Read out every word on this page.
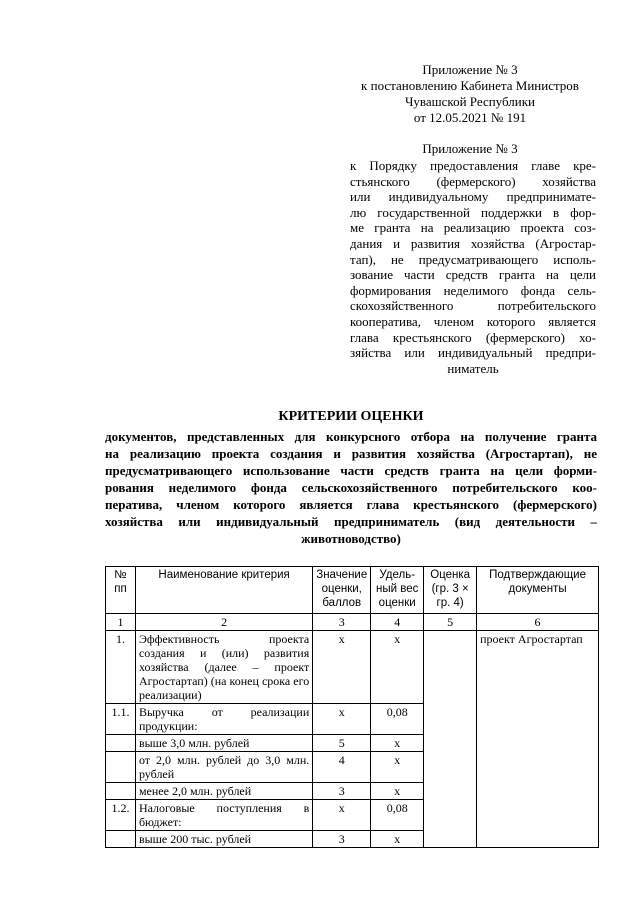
Приложение № 3
к постановлению Кабинета Министров
Чувашской Республики
от 12.05.2021 № 191
Приложение № 3
к Порядку предоставления главе кре-
стьянского (фермерского) хозяйства
или индивидуальному предпринимате-
лю государственной поддержки в фор-
ме гранта на реализацию проекта соз-
дания и развития хозяйства (Агростар-
тап), не предусматривающего исполь-
зование части средств гранта на цели
формирования неделимого фонда сель-
скохозяйственного потребительского
кооператива, членом которого является
глава крестьянского (фермерского) хо-
зяйства или индивидуальный предпри-
ниматель
КРИТЕРИИ ОЦЕНКИ
документов, представленных для конкурсного отбора на получение гранта
на реализацию проекта создания и развития хозяйства (Агростартап), не
предусматривающего использование части средств гранта на цели форми-
рования неделимого фонда сельскохозяйственного потребительского коо-
ператива, членом которого является глава крестьянского (фермерского)
хозяйства или индивидуальный предприниматель (вид деятельности –
животноводство)
№ пп	Наименование критерия	Значение оценки, баллов	Удель- ный вес оценки	Оценка (гр. 3 × гр. 4)	Подтверждающие документы
1	2	3	4	5	6
1.	Эффективность проекта создания и (или) развития хозяйства (далее – проект Агростартап) (на конец срока его реализации)	х	х		проект Агростартап
1.1.	Выручка от реализации продукции:	х	0,08		
	выше 3,0 млн. рублей	5	х		
	от 2,0 млн. рублей до 3,0 млн. рублей	4	х		
	менее 2,0 млн. рублей	3	х		
1.2.	Налоговые поступления в бюджет:	х	0,08		
	выше 200 тыс. рублей	3	х		
